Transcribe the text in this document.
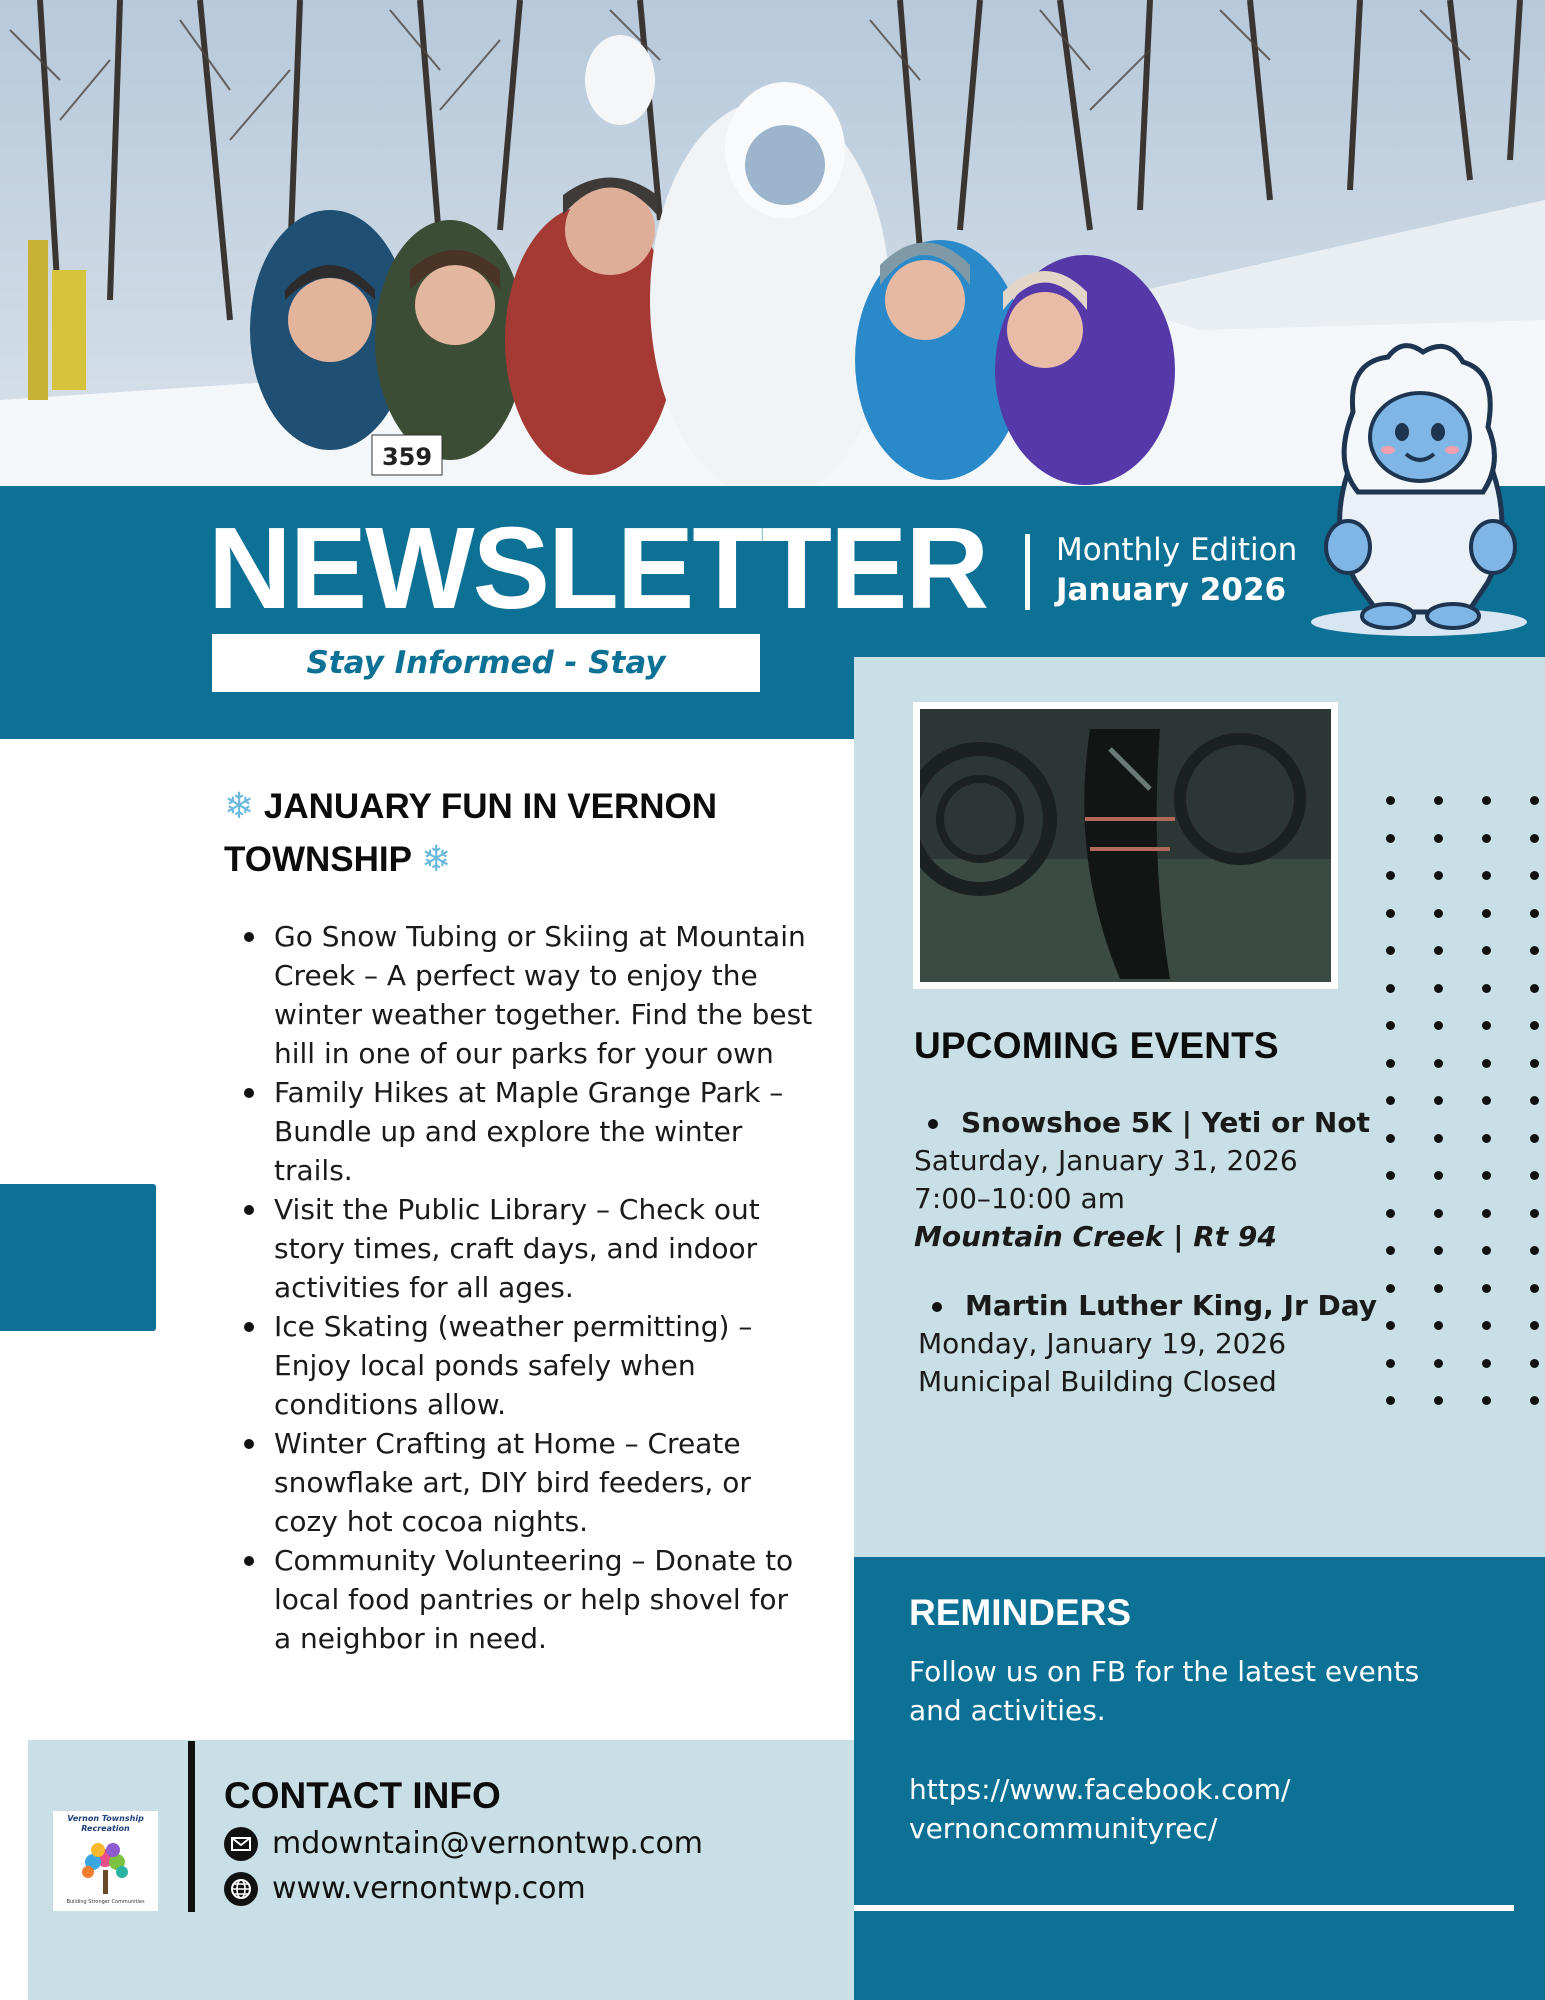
359
NEWSLETTER Monthly Edition
January 2026
Stay Informed - Stay Connected
UPCOMING EVENTS
Snowshoe 5K | Yeti or Not
Saturday, January 31, 2026
7:00–10:00 am
Mountain Creek | Rt 94
Martin Luther King, Jr Day
Monday, January 19, 2026
Municipal Building Closed
REMINDERS

Follow us on FB for the latest events and activities.

https://www.facebook.com/
vernoncommunityrec/
❄ JANUARY FUN IN VERNON TOWNSHIP ❄
Go Snow Tubing or Skiing at Mountain Creek – A perfect way to enjoy the winter weather together. Find the best hill in one of our parks for your own
Family Hikes at Maple Grange Park – Bundle up and explore the winter trails.
Visit the Public Library – Check out story times, craft days, and indoor activities for all ages.
Ice Skating (weather permitting) – Enjoy local ponds safely when conditions allow.
Winter Crafting at Home – Create snowflake art, DIY bird feeders, or cozy hot cocoa nights.
Community Volunteering – Donate to local food pantries or help shovel for a neighbor in need.
Vernon Township Recreation
Building Stronger Communities
CONTACT INFO
mdowntain@vernontwp.com
www.vernontwp.com
